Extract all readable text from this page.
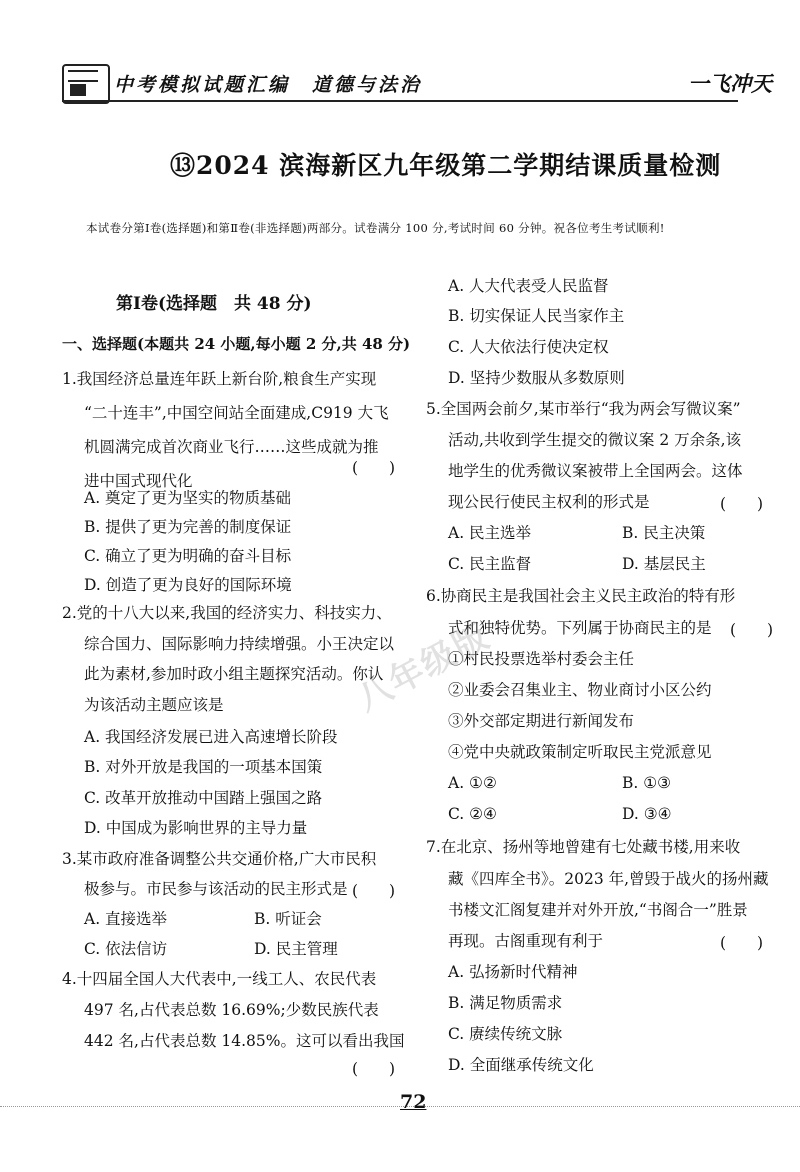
中考模拟试题汇编　道德与法治	一飞冲天
⑬2024 滨海新区九年级第二学期结课质量检测
本试卷分第Ⅰ卷(选择题)和第Ⅱ卷(非选择题)两部分。试卷满分 100 分,考试时间 60 分钟。祝各位考生考试顺利!
第Ⅰ卷(选择题　共 48 分)
一、选择题(本题共 24 小题,每小题 2 分,共 48 分)
1.我国经济总量连年跃上新台阶,粮食生产实现
“二十连丰”,中国空间站全面建成,C919 大飞
机圆满完成首次商业飞行……这些成就为推
进中国式现代化
(　　)
A. 奠定了更为坚实的物质基础
B. 提供了更为完善的制度保证
C. 确立了更为明确的奋斗目标
D. 创造了更为良好的国际环境
2.党的十八大以来,我国的经济实力、科技实力、
综合国力、国际影响力持续增强。小王决定以
此为素材,参加时政小组主题探究活动。你认
为该活动主题应该是
A. 我国经济发展已进入高速增长阶段
B. 对外开放是我国的一项基本国策
C. 改革开放推动中国踏上强国之路
D. 中国成为影响世界的主导力量
3.某市政府准备调整公共交通价格,广大市民积
极参与。市民参与该活动的民主形式是 (　　)
A. 直接选举	B. 听证会
C. 依法信访	D. 民主管理
4.十四届全国人大代表中,一线工人、农民代表
497 名,占代表总数 16.69%;少数民族代表
442 名,占代表总数 14.85%。这可以看出我国
(　　)
A. 人大代表受人民监督
B. 切实保证人民当家作主
C. 人大依法行使决定权
D. 坚持少数服从多数原则
5.全国两会前夕,某市举行“我为两会写微议案”
活动,共收到学生提交的微议案 2 万余条,该
地学生的优秀微议案被带上全国两会。这体
现公民行使民主权利的形式是	(　　)
A. 民主选举	B. 民主决策
C. 民主监督	D. 基层民主
6.协商民主是我国社会主义民主政治的特有形
式和独特优势。下列属于协商民主的是 (　　)
①村民投票选举村委会主任
②业委会召集业主、物业商讨小区公约
③外交部定期进行新闻发布
④党中央就政策制定听取民主党派意见
A. ①②	B. ①③
C. ②④	D. ③④
7.在北京、扬州等地曾建有七处藏书楼,用来收
藏《四库全书》。2023 年,曾毁于战火的扬州藏
书楼文汇阁复建并对外开放,“书阁合一”胜景
再现。古阁重现有利于	(　　)
A. 弘扬新时代精神
B. 满足物质需求
C. 赓续传统文脉
D. 全面继承传统文化
八年级版
72
